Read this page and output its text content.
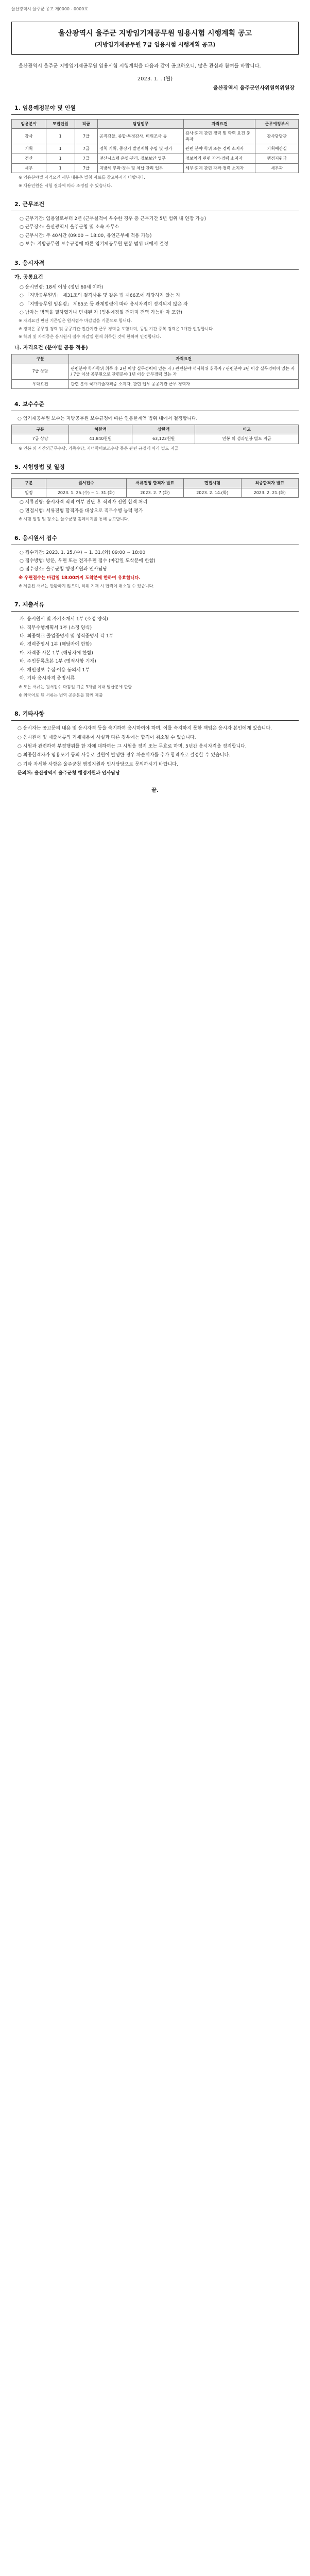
울산광역시 울주군 공고 제0000 - 0000호
울산광역시 울주군 지방임기제공무원 임용시험 시행계획 공고
(지방임기제공무원 7급 임용시험 시행계획 공고)

울산광역시 울주군 지방임기제공무원 임용시험 시행계획을 다음과 같이 공고하오니, 많은 관심과 참여를 바랍니다.

2023. 1. . (월)
울산광역시 울주군인사위원회위원장
1. 임용예정분야 및 인원
임용분야	모집인원	직급	담당업무	자격요건	근무예정부서
감사	1	7급	공직감찰, 종합·특정감사, 비위조사 등	감사·회계 관련 경력 및 학력 요건 충족자	감사담당관
기획	1	7급	정책 기획, 중장기 발전계획 수립 및 평가	관련 분야 학위 또는 경력 소지자	기획예산실
전산	1	7급	전산시스템 운영·관리, 정보보안 업무	정보처리 관련 자격·경력 소지자	행정지원과
세무	1	7급	지방세 부과·징수 및 체납 관리 업무	세무·회계 관련 자격·경력 소지자	세무과

※ 임용분야별 자격요건 세부 내용은 별첨 자료를 참고하시기 바랍니다.

※ 채용인원은 시험 결과에 따라 조정될 수 있습니다.

2. 근무조건

○ 근무기간: 임용일로부터 2년 (근무실적이 우수한 경우 총 근무기간 5년 범위 내 연장 가능)

○ 근무장소: 울산광역시 울주군청 및 소속 사무소

○ 근무시간: 주 40시간 (09:00 ~ 18:00, 유연근무제 적용 가능)

○ 보수: 지방공무원 보수규정에 따른 임기제공무원 연봉 범위 내에서 결정

3. 응시자격
가. 공통요건

○ 응시연령: 18세 이상 (정년 60세 이하)

○ 「지방공무원법」 제31조의 결격사유 및 같은 법 제66조에 해당하지 않는 자

○ 「지방공무원 임용령」 제65조 등 관계법령에 따라 응시자격이 정지되지 않은 자

○ 남자는 병역을 필하였거나 면제된 자 (임용예정일 전까지 전역 가능한 자 포함)

※ 자격요건 판단 기준일은 원서접수 마감일을 기준으로 합니다.

※ 경력은 공무원 경력 및 공공기관·민간기관 근무 경력을 포함하며, 동일 기간 중복 경력은 1개만 인정합니다.

※ 학위 및 자격증은 응시원서 접수 마감일 현재 취득한 것에 한하여 인정합니다.

나. 자격요건 (분야별 공통 적용)
구분	자격요건
7급 상당	관련분야 학사학위 취득 후 2년 이상 실무경력이 있는 자 / 관련분야 석사학위 취득자 / 관련분야 3년 이상 실무경력이 있는 자 / 7급 이상 공무원으로 관련분야 1년 이상 근무경력 있는 자
우대요건	관련 분야 국가기술자격증 소지자, 관련 업무 공공기관 근무 경력자
4. 보수수준

○ 임기제공무원 보수는 지방공무원 보수규정에 따른 연봉한계액 범위 내에서 결정합니다.

구분	하한액	상한액	비고
7급 상당	41,840천원	63,122천원	연봉 외 성과연봉 별도 지급

※ 연봉 외 시간외근무수당, 가족수당, 자녀학비보조수당 등은 관련 규정에 따라 별도 지급

5. 시험방법 및 일정
구분	원서접수	서류전형 합격자 발표	면접시험	최종합격자 발표
일정	2023. 1. 25.(수) ~ 1. 31.(화)	2023. 2. 7.(화)	2023. 2. 14.(화)	2023. 2. 21.(화)

○ 서류전형: 응시자격 적격 여부 판단 후 적격자 전원 합격 처리

○ 면접시험: 서류전형 합격자를 대상으로 직무수행 능력 평가

※ 시험 일정 및 장소는 울주군청 홈페이지를 통해 공고합니다.

6. 응시원서 접수

○ 접수기간: 2023. 1. 25.(수) ~ 1. 31.(화) 09:00 ~ 18:00

○ 접수방법: 방문, 우편 또는 전자우편 접수 (마감일 도착분에 한함)

○ 접수장소: 울주군청 행정지원과 인사담당

※ 우편접수는 마감일 18:00까지 도착분에 한하여 유효합니다.

※ 제출된 서류는 반환하지 않으며, 허위 기재 시 합격이 취소될 수 있습니다.

7. 제출서류

가. 응시원서 및 자기소개서 1부 (소정 양식)

나. 직무수행계획서 1부 (소정 양식)

다. 최종학교 졸업증명서 및 성적증명서 각 1부

라. 경력증명서 1부 (해당자에 한함)

마. 자격증 사본 1부 (해당자에 한함)

바. 주민등록초본 1부 (병적사항 기재)

사. 개인정보 수집·이용 동의서 1부

아. 기타 응시자격 증빙서류

※ 모든 서류는 원서접수 마감일 기준 3개월 이내 발급분에 한함

※ 외국어로 된 서류는 번역 공증본을 함께 제출

8. 기타사항

○ 응시자는 공고문의 내용 및 응시자격 등을 숙지하여 응시하여야 하며, 이를 숙지하지 못한 책임은 응시자 본인에게 있습니다.

○ 응시원서 및 제출서류의 기재내용이 사실과 다른 경우에는 합격이 취소될 수 있습니다.

○ 시험과 관련하여 부정행위를 한 자에 대하여는 그 시험을 정지 또는 무효로 하며, 5년간 응시자격을 정지합니다.

○ 최종합격자가 임용포기 등의 사유로 결원이 발생한 경우 차순위자를 추가 합격자로 결정할 수 있습니다.

○ 기타 자세한 사항은 울주군청 행정지원과 인사담당으로 문의하시기 바랍니다.

문의처: 울산광역시 울주군청 행정지원과 인사담당

끝.
